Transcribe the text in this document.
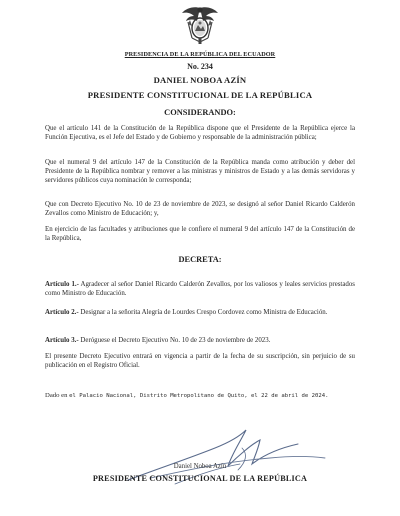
PRESIDENCIA DE LA REPÚBLICA DEL ECUADOR
No. 234
DANIEL NOBOA AZÍN
PRESIDENTE CONSTITUCIONAL DE LA REPÚBLICA
CONSIDERANDO:
Que el artículo 141 de la Constitución de la República dispone que el Presidente de la República ejerce la Función Ejecutiva, es el Jefe del Estado y de Gobierno y responsable de la administración pública;
Que el numeral 9 del artículo 147 de la Constitución de la República manda como atribución y deber del Presidente de la República nombrar y remover a las ministras y ministros de Estado y a las demás servidoras y servidores públicos cuya nominación le corresponda;
Que con Decreto Ejecutivo No. 10 de 23 de noviembre de 2023, se designó al señor Daniel Ricardo Calderón Zevallos como Ministro de Educación; y,
En ejercicio de las facultades y atribuciones que le confiere el numeral 9 del artículo 147 de la Constitución de la República,
DECRETA:
Artículo 1.- Agradecer al señor Daniel Ricardo Calderón Zevallos, por los valiosos y leales servicios prestados como Ministro de Educación.
Artículo 2.- Designar a la señorita Alegría de Lourdes Crespo Cordovez como Ministra de Educación.
Artículo 3.- Deróguese el Decreto Ejecutivo No. 10 de 23 de noviembre de 2023.
El presente Decreto Ejecutivo entrará en vigencia a partir de la fecha de su suscripción, sin perjuicio de su publicación en el Registro Oficial.
Dado en el Palacio Nacional, Distrito Metropolitano de Quito, el 22 de abril de 2024.
Daniel Noboa Azín
PRESIDENTE CONSTITUCIONAL DE LA REPÚBLICA
